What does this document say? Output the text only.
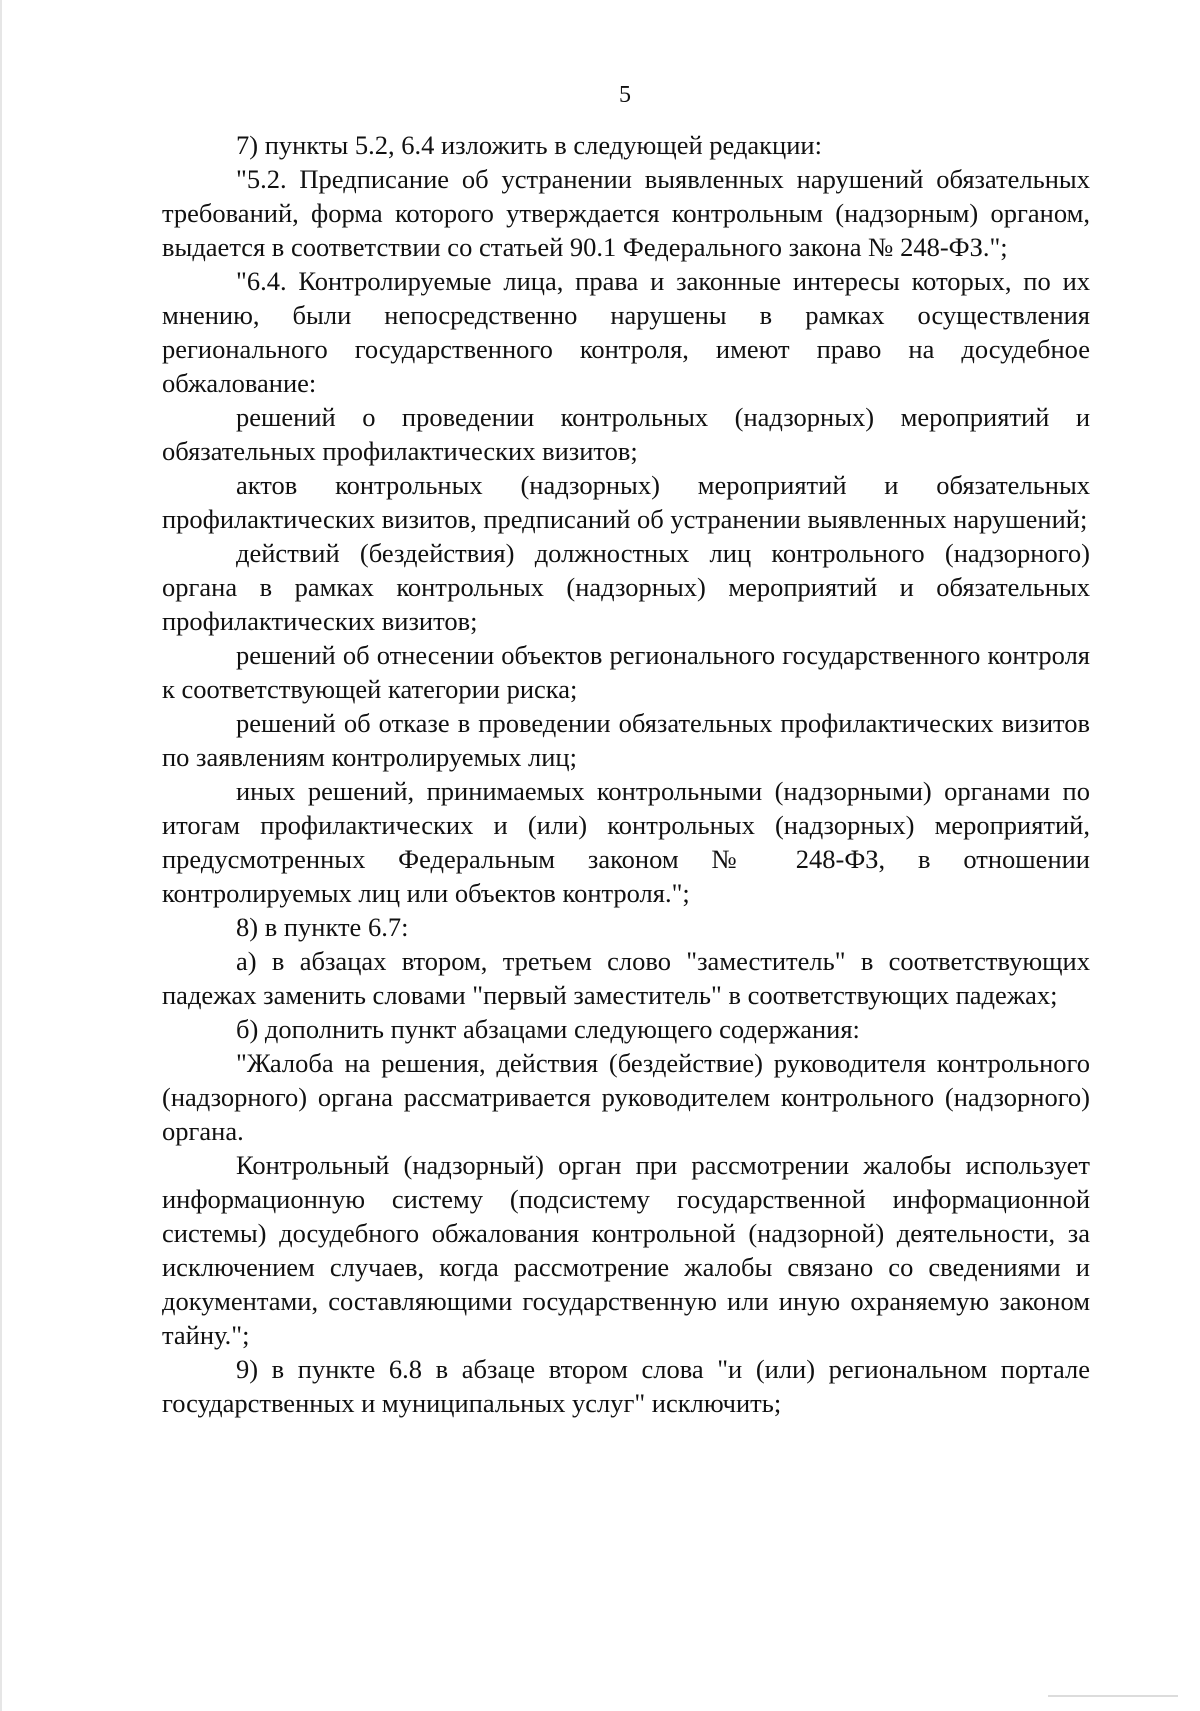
5

7) пункты 5.2, 6.4 изложить в следующей редакции:

"5.2. Предписание об устранении выявленных нарушений обязательных требований, форма которого утверждается контрольным (надзорным) органом, выдается в соответствии со статьей 90.1 Федерального закона № 248-ФЗ.";

"6.4. Контролируемые лица, права и законные интересы которых, по их мнению, были непосредственно нарушены в рамках осуществления регионального государственного контроля, имеют право на досудебное обжалование:

решений о проведении контрольных (надзорных) мероприятий и обязательных профилактических визитов;

актов контрольных (надзорных) мероприятий и обязательных профилактических визитов, предписаний об устранении выявленных нарушений;

действий (бездействия) должностных лиц контрольного (надзорного) органа в рамках контрольных (надзорных) мероприятий и обязательных профилактических визитов;

решений об отнесении объектов регионального государственного контроля к соответствующей категории риска;

решений об отказе в проведении обязательных профилактических визитов по заявлениям контролируемых лиц;

иных решений, принимаемых контрольными (надзорными) органами по итогам профилактических и (или) контрольных (надзорных) мероприятий, предусмотренных Федеральным законом № 248-ФЗ, в отношении контролируемых лиц или объектов контроля.";

8) в пункте 6.7:

а) в абзацах втором, третьем слово "заместитель" в соответствующих падежах заменить словами "первый заместитель" в соответствующих падежах;

б) дополнить пункт абзацами следующего содержания:

"Жалоба на решения, действия (бездействие) руководителя контрольного (надзорного) органа рассматривается руководителем контрольного (надзорного) органа.

Контрольный (надзорный) орган при рассмотрении жалобы использует информационную систему (подсистему государственной информационной системы) досудебного обжалования контрольной (надзорной) деятельности, за исключением случаев, когда рассмотрение жалобы связано со сведениями и документами, составляющими государственную или иную охраняемую законом тайну.";

9) в пункте 6.8 в абзаце втором слова "и (или) региональном портале государственных и муниципальных услуг" исключить;
